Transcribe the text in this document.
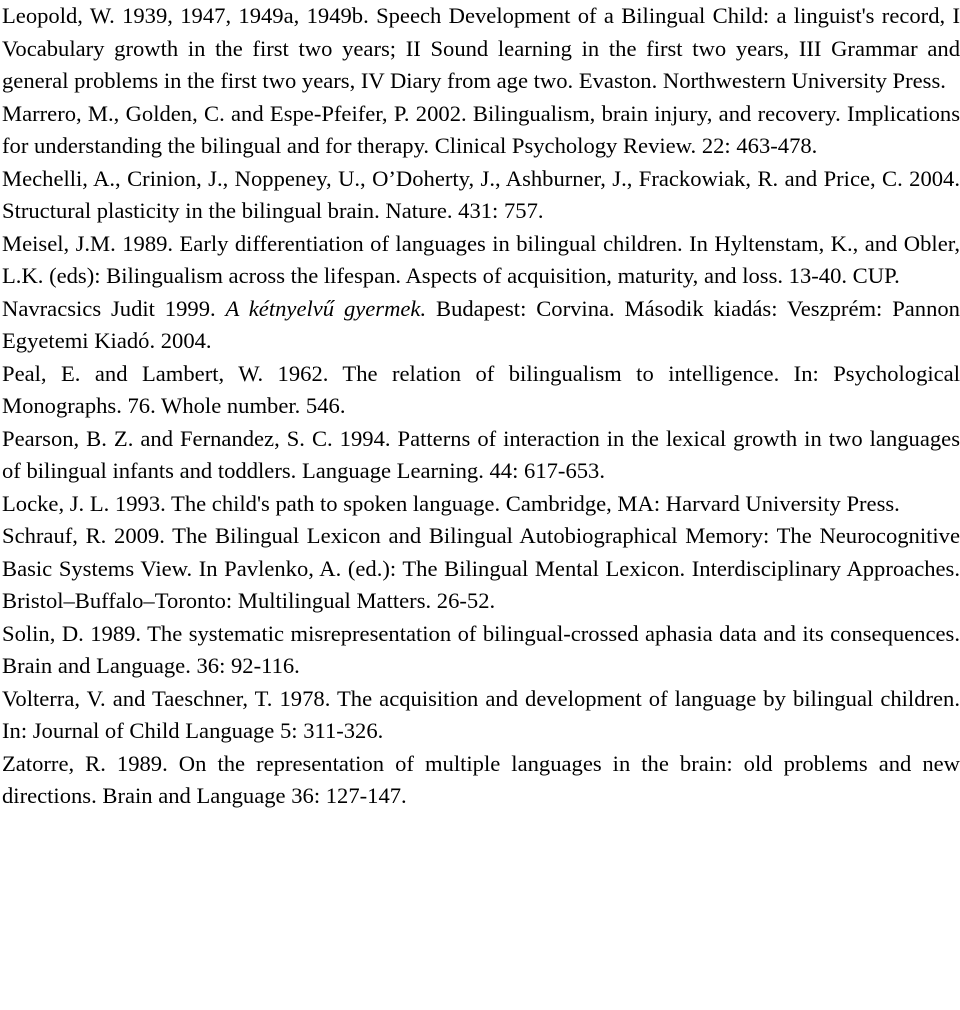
Leopold, W. 1939, 1947, 1949a, 1949b. Speech Development of a Bilingual Child: a linguist's record, I Vocabulary growth in the first two years; II Sound learning in the first two years, III Grammar and general problems in the first two years, IV Diary from age two. Evaston. Northwestern University Press.
Marrero, M., Golden, C. and Espe-Pfeifer, P. 2002. Bilingualism, brain injury, and recovery. Implications for understanding the bilingual and for therapy. Clinical Psychology Review. 22: 463-478.
Mechelli, A., Crinion, J., Noppeney, U., O’Doherty, J., Ashburner, J., Frackowiak, R. and Price, C. 2004. Structural plasticity in the bilingual brain. Nature. 431: 757.
Meisel, J.M. 1989. Early differentiation of languages in bilingual children. In Hyltenstam, K., and Obler, L.K. (eds): Bilingualism across the lifespan. Aspects of acquisition, maturity, and loss. 13-40. CUP.
Navracsics Judit 1999. A kétnyelvű gyermek. Budapest: Corvina. Második kiadás: Veszprém: Pannon Egyetemi Kiadó. 2004.
Peal, E. and Lambert, W. 1962. The relation of bilingualism to intelligence. In: Psychological Monographs. 76. Whole number. 546.
Pearson, B. Z. and Fernandez, S. C. 1994. Patterns of interaction in the lexical growth in two languages of bilingual infants and toddlers. Language Learning. 44: 617-653.
Locke, J. L. 1993. The child's path to spoken language. Cambridge, MA: Harvard University Press.
Schrauf, R. 2009. The Bilingual Lexicon and Bilingual Autobiographical Memory: The Neurocognitive Basic Systems View. In Pavlenko, A. (ed.): The Bilingual Mental Lexicon. Interdisciplinary Approaches. Bristol–Buffalo–Toronto: Multilingual Matters. 26-52.
Solin, D. 1989. The systematic misrepresentation of bilingual-crossed aphasia data and its consequences. Brain and Language. 36: 92-116.
Volterra, V. and Taeschner, T. 1978. The acquisition and development of language by bilingual children. In: Journal of Child Language 5: 311-326.
Zatorre, R. 1989. On the representation of multiple languages in the brain: old problems and new directions. Brain and Language 36: 127-147.
